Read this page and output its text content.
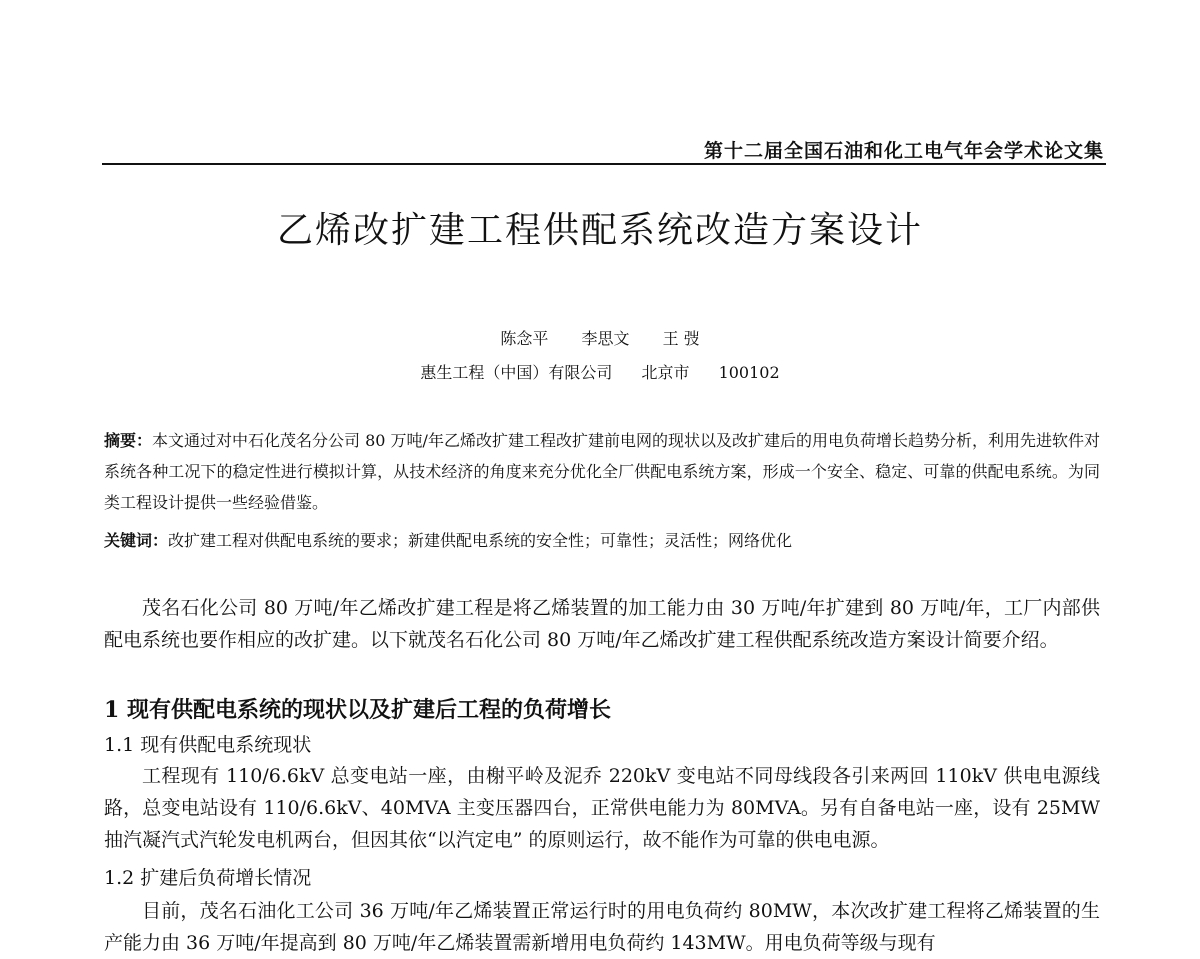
第十二届全国石油和化工电气年会学术论文集
乙烯改扩建工程供配系统改造方案设计
陈念平 李思文 王 弢
惠生工程（中国）有限公司 北京市 100102
摘要：本文通过对中石化茂名分公司 80 万吨/年乙烯改扩建工程改扩建前电网的现状以及改扩建后的用电负荷增长趋势分析，利用先进软件对系统各种工况下的稳定性进行模拟计算，从技术经济的角度来充分优化全厂供配电系统方案，形成一个安全、稳定、可靠的供配电系统。为同类工程设计提供一些经验借鉴。
关键词：改扩建工程对供配电系统的要求；新建供配电系统的安全性；可靠性；灵活性；网络优化

茂名石化公司 80 万吨/年乙烯改扩建工程是将乙烯装置的加工能力由 30 万吨/年扩建到 80 万吨/年，工厂内部供配电系统也要作相应的改扩建。以下就茂名石化公司 80 万吨/年乙烯改扩建工程供配系统改造方案设计简要介绍。

1 现有供配电系统的现状以及扩建后工程的负荷增长
1.1 现有供配电系统现状

工程现有 110/6.6kV 总变电站一座，由榭平岭及泥乔 220kV 变电站不同母线段各引来两回 110kV 供电电源线路，总变电站设有 110/6.6kV、40MVA 主变压器四台，正常供电能力为 80MVA。另有自备电站一座，设有 25MW 抽汽凝汽式汽轮发电机两台，但因其依“以汽定电” 的原则运行，故不能作为可靠的供电电源。

1.2 扩建后负荷增长情况

目前，茂名石油化工公司 36 万吨/年乙烯装置正常运行时的用电负荷约 80MW，本次改扩建工程将乙烯装置的生产能力由 36 万吨/年提高到 80 万吨/年乙烯装置需新增用电负荷约 143MW。用电负荷等级与现有
